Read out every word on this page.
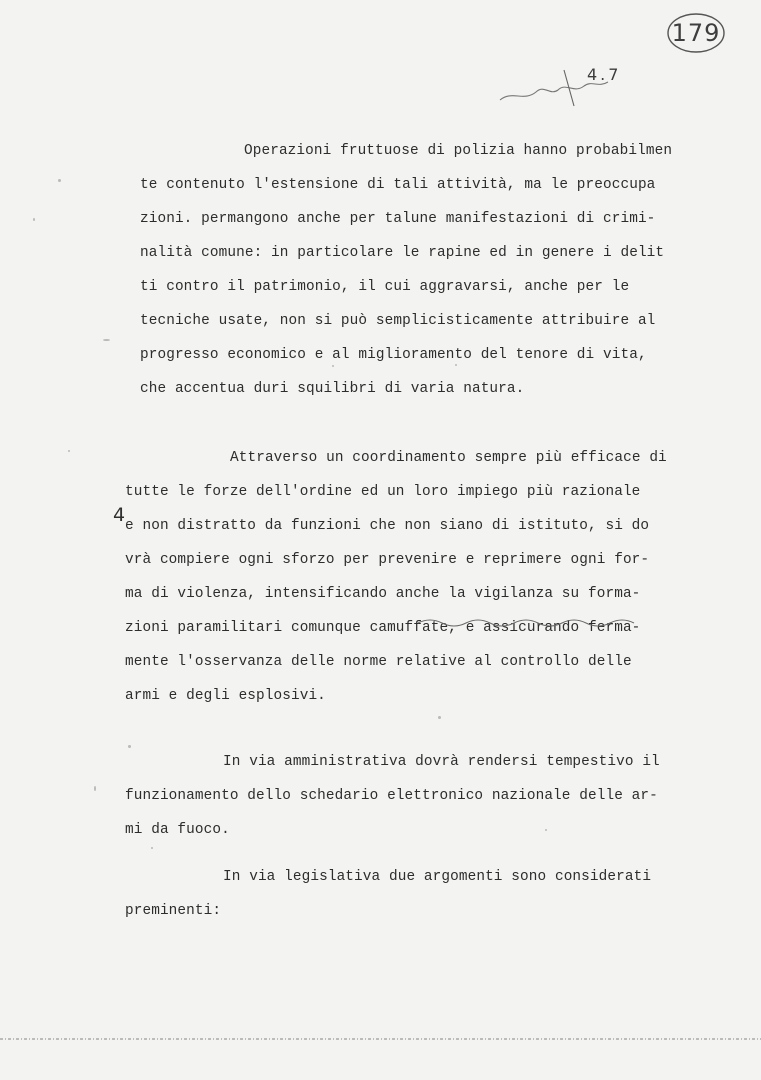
179
4.7
Operazioni fruttuose di polizia hanno probabilmen
te contenuto l'estensione di tali attività, ma le preoccupa
zioni. permangono anche per talune manifestazioni di crimi-
nalità comune: in particolare le rapine ed in genere i delit
ti contro il patrimonio, il cui aggravarsi, anche per le
tecniche usate, non si può semplicisticamente attribuire al
progresso economico e al miglioramento del tenore di vita,
che accentua duri squilibri di varia natura.
4
Attraverso un coordinamento sempre più efficace di
tutte le forze dell'ordine ed un loro impiego più razionale
e non distratto da funzioni che non siano di istituto, si do
vrà compiere ogni sforzo per prevenire e reprimere ogni for-
ma di violenza, intensificando anche la vigilanza su forma-
zioni paramilitari comunque camuffate, e assicurando ferma-
mente l'osservanza delle norme relative al controllo delle
armi e degli esplosivi.
In via amministrativa dovrà rendersi tempestivo il
funzionamento dello schedario elettronico nazionale delle ar-
mi da fuoco.
In via legislativa due argomenti sono considerati
preminenti:
